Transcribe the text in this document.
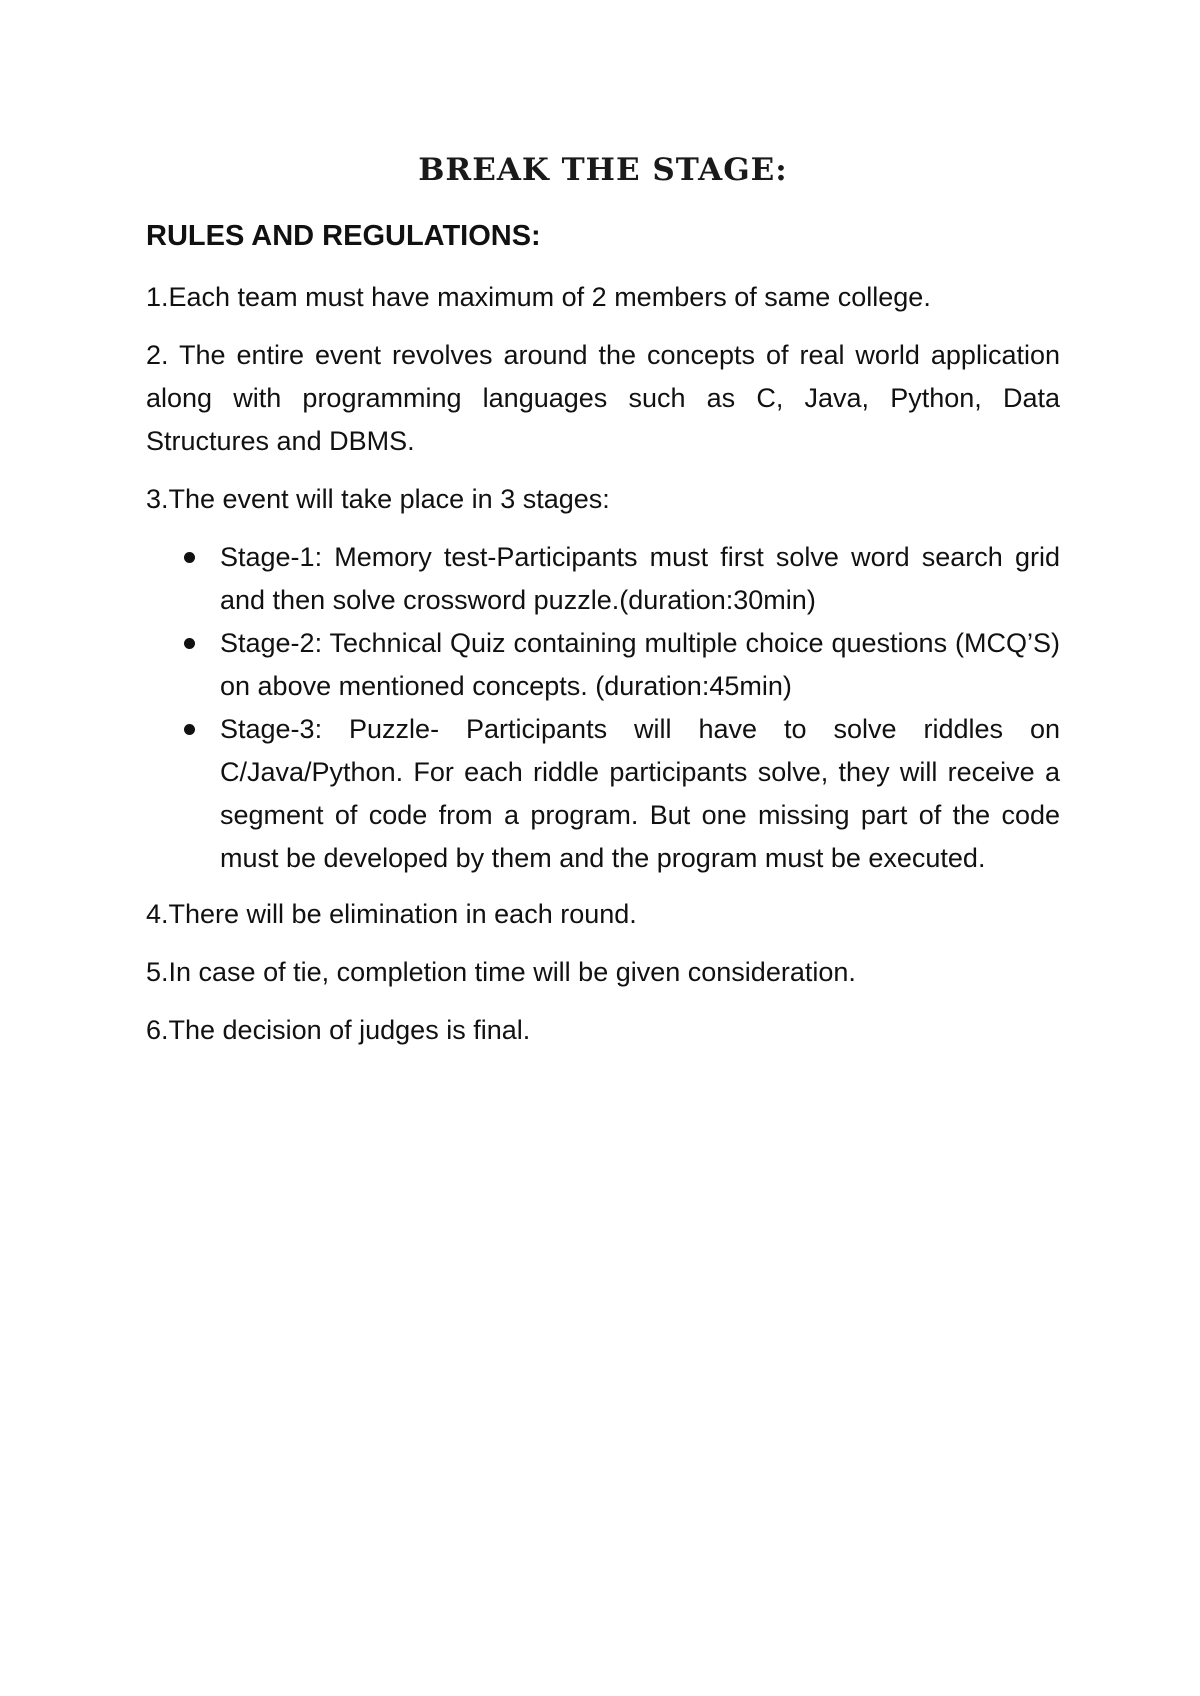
BREAK THE STAGE:
RULES AND REGULATIONS:

1.Each team must have maximum of 2 members of same college.

2. The entire event revolves around the concepts of real world application along with programming languages such as C, Java, Python, Data Structures and DBMS.

3.The event will take place in 3 stages:

Stage-1: Memory test-Participants must first solve word search grid and then solve crossword puzzle.(duration:30min)
Stage-2: Technical Quiz containing multiple choice questions (MCQ’S) on above mentioned concepts. (duration:45min)
Stage-3: Puzzle- Participants will have to solve riddles on C/Java/Python. For each riddle participants solve, they will receive a segment of code from a program. But one missing part of the code must be developed by them and the program must be executed.

4.There will be elimination in each round.

5.In case of tie, completion time will be given consideration.

6.The decision of judges is final.
